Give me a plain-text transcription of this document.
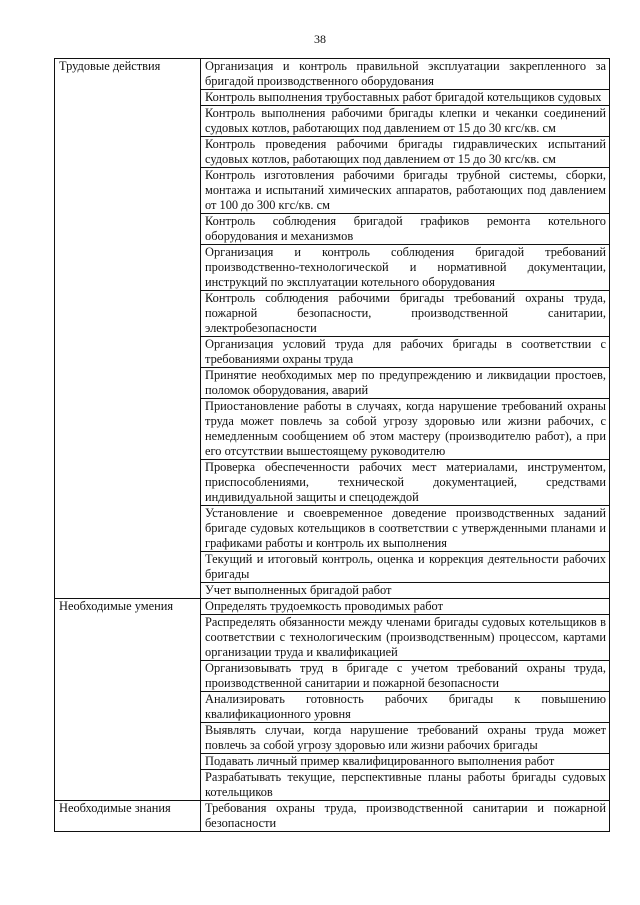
38
Трудовые действия	Организация и контроль правильной эксплуатации закрепленного за бригадой производственного оборудования
	Контроль выполнения трубоставных работ бригадой котельщиков судовых
	Контроль выполнения рабочими бригады клепки и чеканки соединений судовых котлов, работающих под давлением от 15 до 30 кгс/кв. см
	Контроль проведения рабочими бригады гидравлических испытаний судовых котлов, работающих под давлением от 15 до 30 кгс/кв. см
	Контроль изготовления рабочими бригады трубной системы, сборки, монтажа и испытаний химических аппаратов, работающих под давлением от 100 до 300 кгс/кв. см
	Контроль соблюдения бригадой графиков ремонта котельного оборудования и механизмов
	Организация и контроль соблюдения бригадой требований производственно-технологической и нормативной документации, инструкций по эксплуатации котельного оборудования
	Контроль соблюдения рабочими бригады требований охраны труда, пожарной безопасности, производственной санитарии, электробезопасности
	Организация условий труда для рабочих бригады в соответствии с требованиями охраны труда
	Принятие необходимых мер по предупреждению и ликвидации простоев, поломок оборудования, аварий
	Приостановление работы в случаях, когда нарушение требований охраны труда может повлечь за собой угрозу здоровью или жизни рабочих, с немедленным сообщением об этом мастеру (производителю работ), а при его отсутствии вышестоящему руководителю
	Проверка обеспеченности рабочих мест материалами, инструментом, приспособлениями, технической документацией, средствами индивидуальной защиты и спецодеждой
	Установление и своевременное доведение производственных заданий бригаде судовых котельщиков в соответствии с утвержденными планами и графиками работы и контроль их выполнения
	Текущий и итоговый контроль, оценка и коррекция деятельности рабочих бригады
	Учет выполненных бригадой работ
Необходимые умения	Определять трудоемкость проводимых работ
	Распределять обязанности между членами бригады судовых котельщиков в соответствии с технологическим (производственным) процессом, картами организации труда и квалификацией
	Организовывать труд в бригаде с учетом требований охраны труда, производственной санитарии и пожарной безопасности
	Анализировать готовность рабочих бригады к повышению квалификационного уровня
	Выявлять случаи, когда нарушение требований охраны труда может повлечь за собой угрозу здоровью или жизни рабочих бригады
	Подавать личный пример квалифицированного выполнения работ
	Разрабатывать текущие, перспективные планы работы бригады судовых котельщиков
Необходимые знания	Требования охраны труда, производственной санитарии и пожарной безопасности
